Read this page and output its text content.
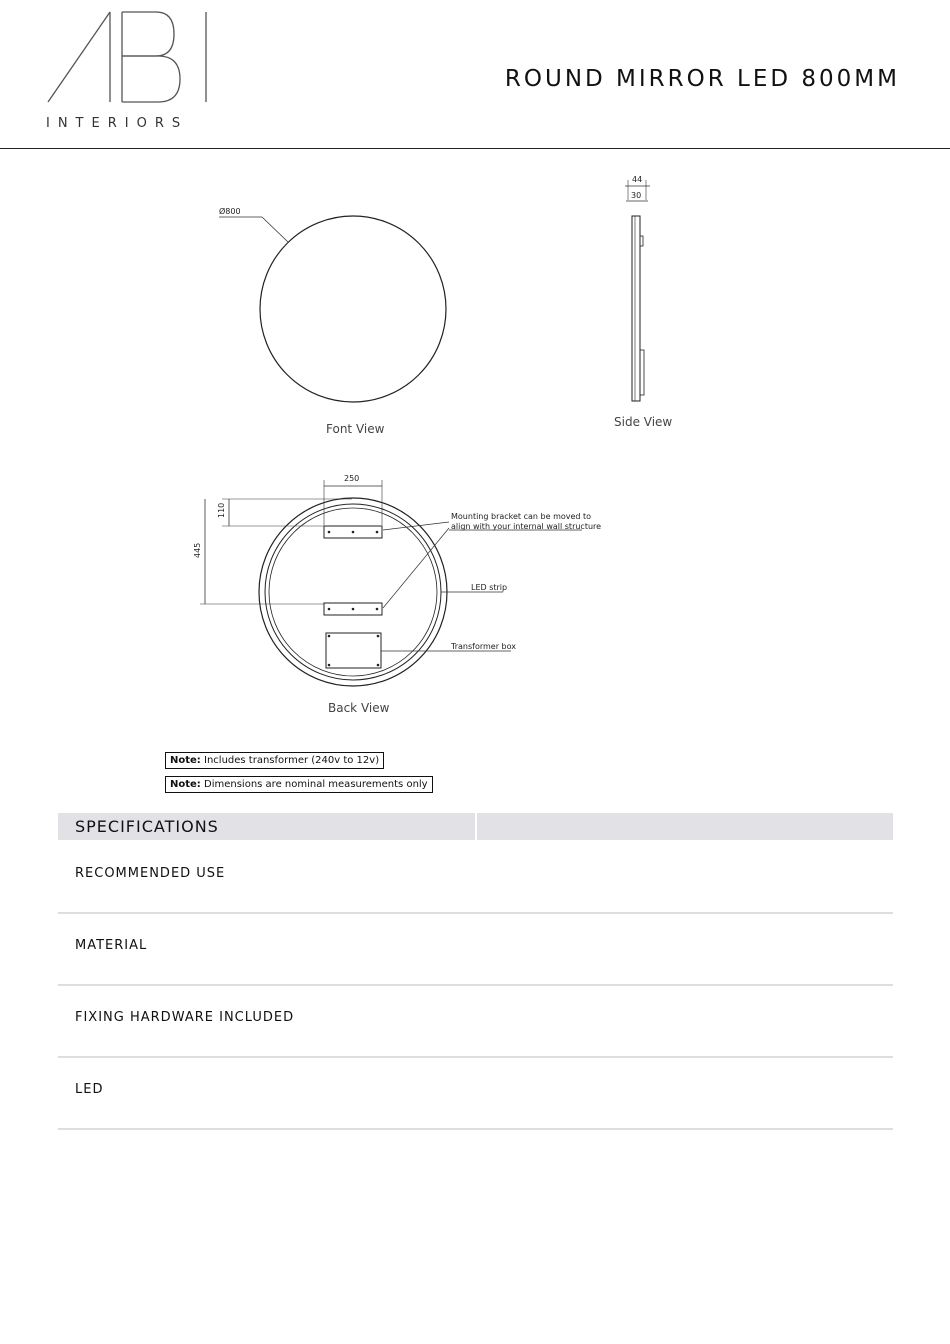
INTERIORS
ROUND MIRROR LED 800MM
Ø800
Font View
44
30
Side View
250
110
445
Mounting bracket can be moved to
align with your internal wall structure
LED strip
Transformer box
Back View
Note: Includes transformer (240v to 12v)
Note: Dimensions are nominal measurements only
SPECIFICATIONS
RECOMMENDED USE
MATERIAL
FIXING HARDWARE INCLUDED
LED
